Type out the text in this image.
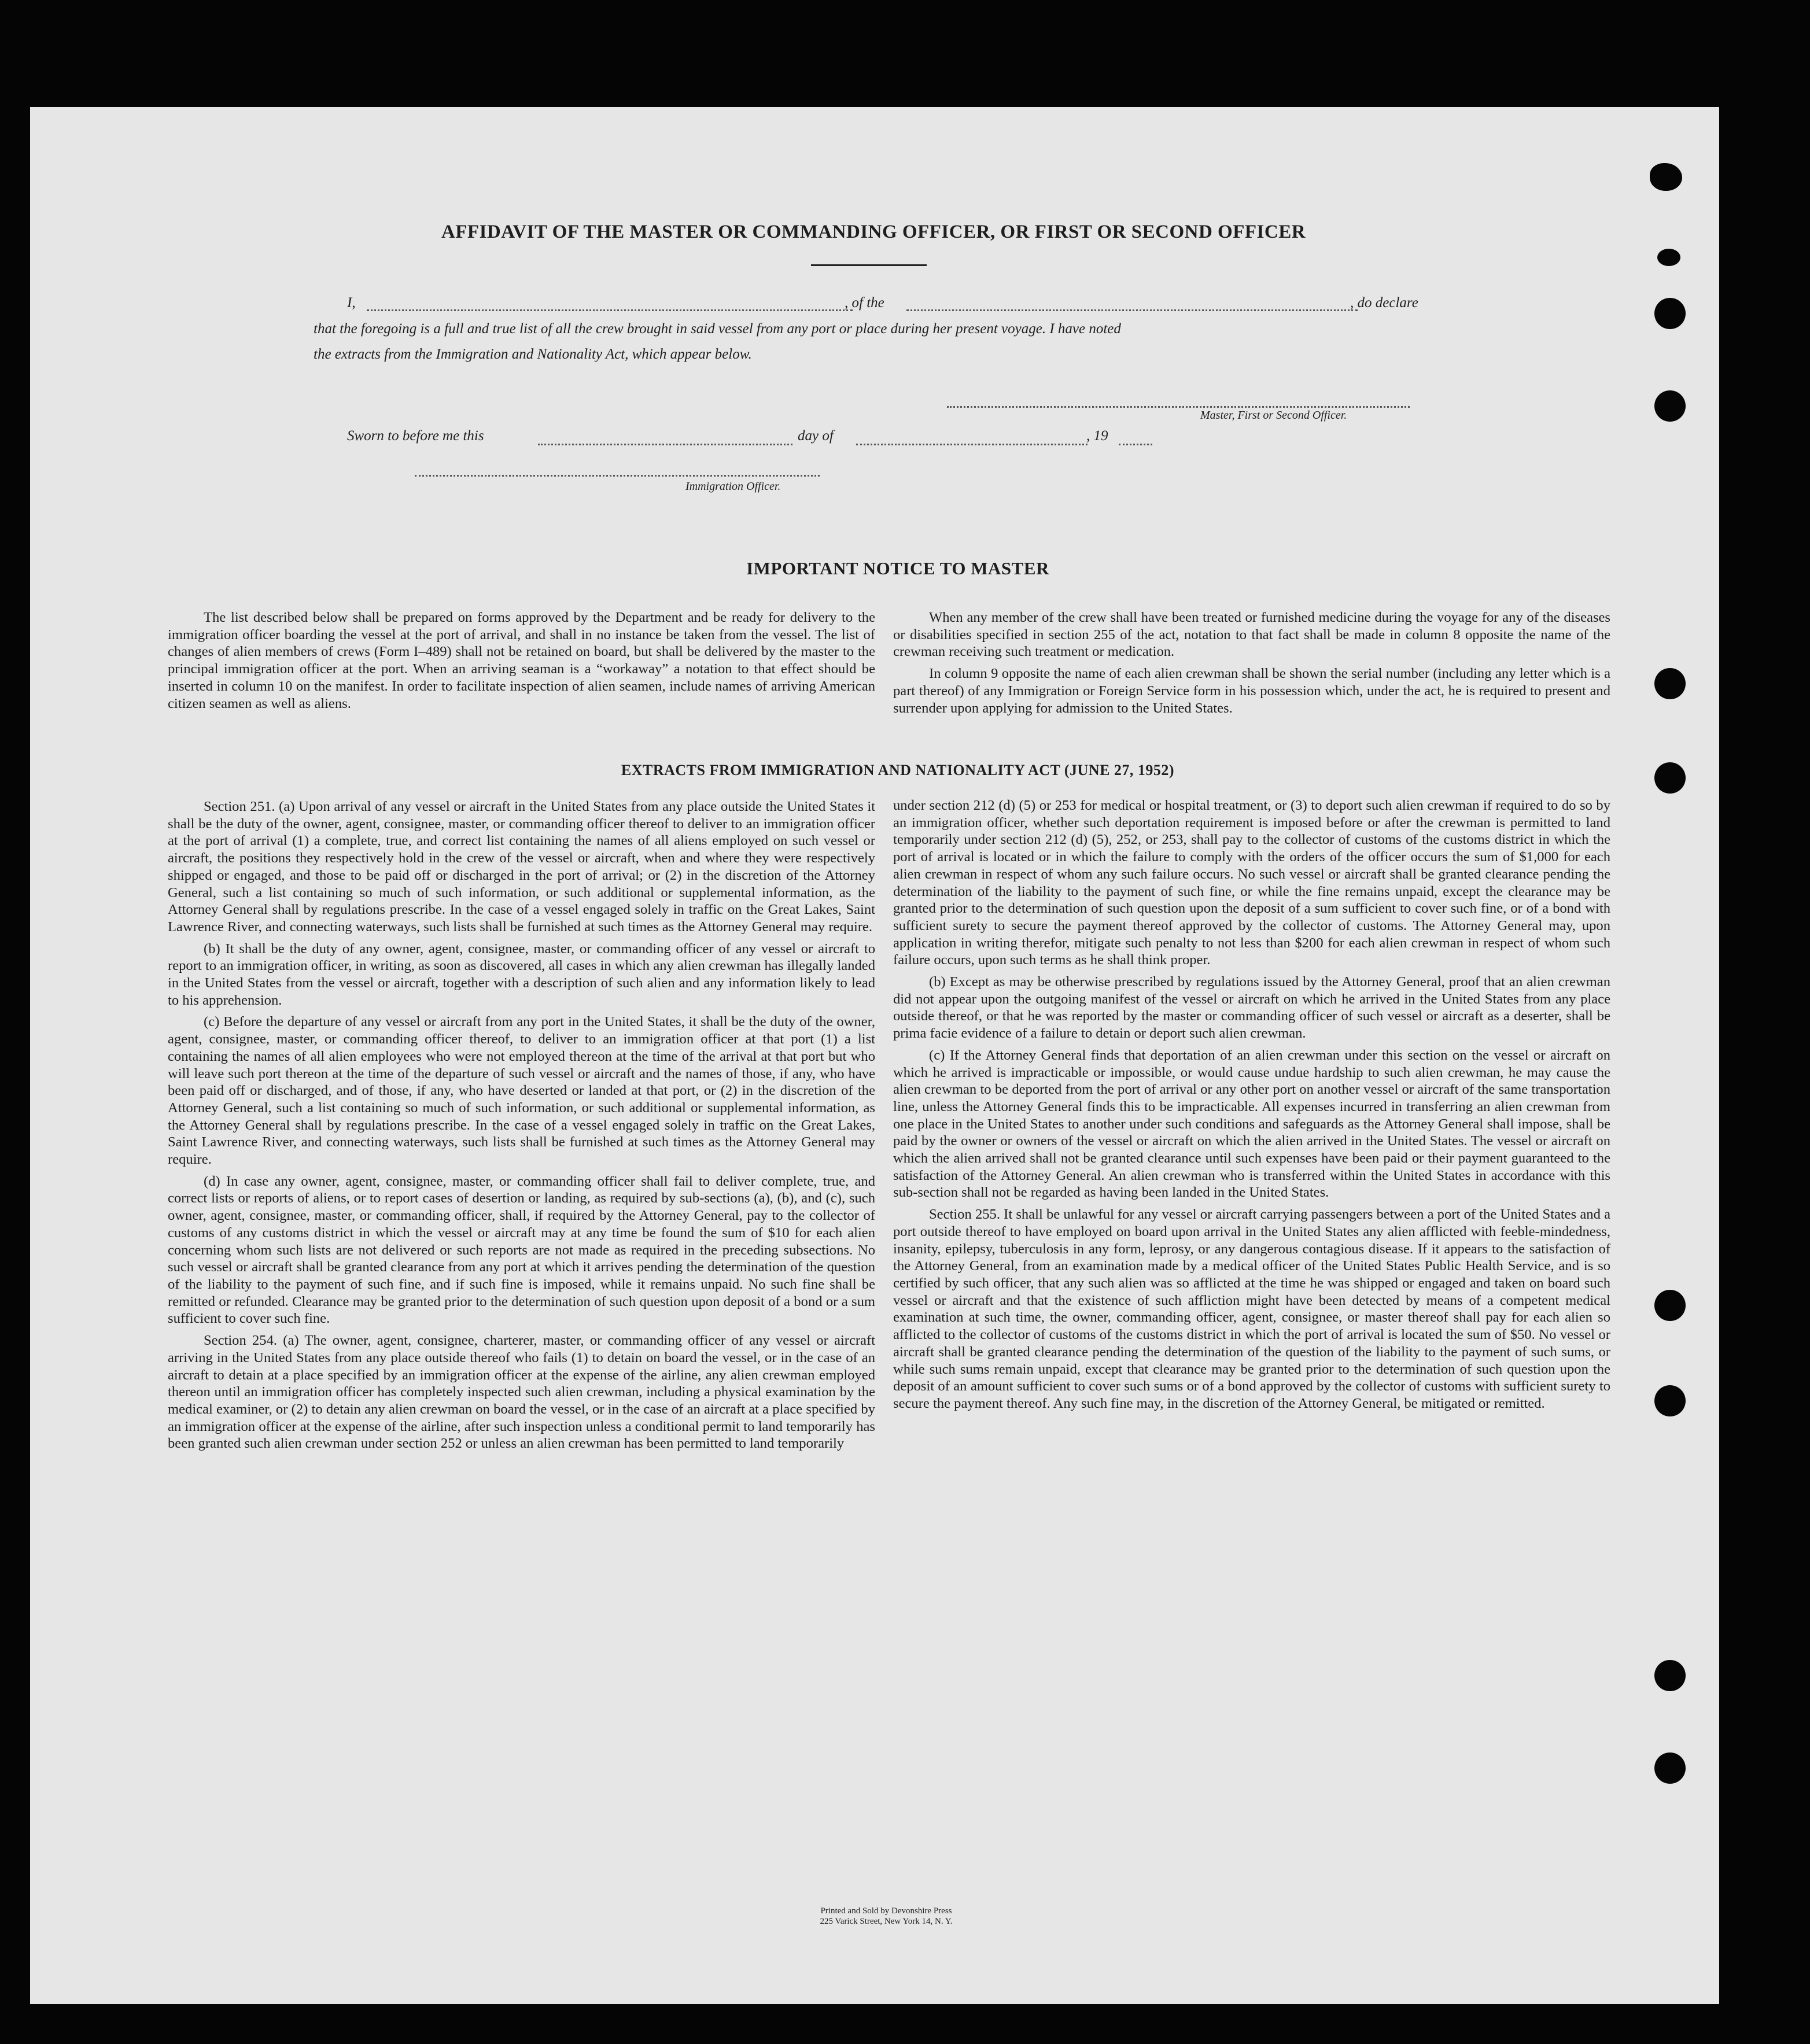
AFFIDAVIT OF THE MASTER OR COMMANDING OFFICER, OR FIRST OR SECOND OFFICER
I,	, of the	, do declare
that the foregoing is a full and true list of all the crew brought in said vessel from any port or place during her present voyage. I have noted
the extracts from the Immigration and Nationality Act, which appear below.
Master, First or Second Officer.
Sworn to before me this	day of	, 19
Immigration Officer.
IMPORTANT NOTICE TO MASTER

The list described below shall be prepared on forms approved by the Department and be ready for delivery to the immigration officer boarding the vessel at the port of arrival, and shall in no instance be taken from the vessel. The list of changes of alien members of crews (Form I–489) shall not be retained on board, but shall be delivered by the master to the principal immigration officer at the port. When an arriving seaman is a “workaway” a notation to that effect should be inserted in column 10 on the manifest. In order to facilitate inspection of alien seamen, include names of arriving American citizen seamen as well as aliens.

When any member of the crew shall have been treated or furnished medicine during the voyage for any of the diseases or disabilities specified in section 255 of the act, notation to that fact shall be made in column 8 opposite the name of the crewman receiving such treatment or medication.

In column 9 opposite the name of each alien crewman shall be shown the serial number (including any letter which is a part thereof) of any Immigration or Foreign Service form in his possession which, under the act, he is required to present and surrender upon applying for admission to the United States.

EXTRACTS FROM IMMIGRATION AND NATIONALITY ACT (JUNE 27, 1952)

Section 251. (a) Upon arrival of any vessel or aircraft in the United States from any place outside the United States it shall be the duty of the owner, agent, consignee, master, or commanding officer thereof to deliver to an immigration officer at the port of arrival (1) a complete, true, and correct list containing the names of all aliens employed on such vessel or aircraft, the positions they respectively hold in the crew of the vessel or aircraft, when and where they were respectively shipped or engaged, and those to be paid off or discharged in the port of arrival; or (2) in the discretion of the Attorney General, such a list containing so much of such information, or such additional or supplemental information, as the Attorney General shall by regulations prescribe. In the case of a vessel engaged solely in traffic on the Great Lakes, Saint Lawrence River, and connecting waterways, such lists shall be furnished at such times as the Attorney General may require.

(b) It shall be the duty of any owner, agent, consignee, master, or commanding officer of any vessel or aircraft to report to an immigration officer, in writing, as soon as discovered, all cases in which any alien crewman has illegally landed in the United States from the vessel or aircraft, together with a description of such alien and any information likely to lead to his apprehension.

(c) Before the departure of any vessel or aircraft from any port in the United States, it shall be the duty of the owner, agent, consignee, master, or commanding officer thereof, to deliver to an immigration officer at that port (1) a list containing the names of all alien employees who were not employed thereon at the time of the arrival at that port but who will leave such port thereon at the time of the departure of such vessel or aircraft and the names of those, if any, who have been paid off or discharged, and of those, if any, who have deserted or landed at that port, or (2) in the discretion of the Attorney General, such a list containing so much of such information, or such additional or supplemental information, as the Attorney General shall by regulations prescribe. In the case of a vessel engaged solely in traffic on the Great Lakes, Saint Lawrence River, and connecting waterways, such lists shall be furnished at such times as the Attorney General may require.

(d) In case any owner, agent, consignee, master, or commanding officer shall fail to deliver complete, true, and correct lists or reports of aliens, or to report cases of desertion or landing, as required by sub-sections (a), (b), and (c), such owner, agent, consignee, master, or commanding officer, shall, if required by the Attorney General, pay to the collector of customs of any customs district in which the vessel or aircraft may at any time be found the sum of $10 for each alien concerning whom such lists are not delivered or such reports are not made as required in the preceding subsections. No such vessel or aircraft shall be granted clearance from any port at which it arrives pending the determination of the question of the liability to the payment of such fine, and if such fine is imposed, while it remains unpaid. No such fine shall be remitted or refunded. Clearance may be granted prior to the determination of such question upon deposit of a bond or a sum sufficient to cover such fine.

Section 254. (a) The owner, agent, consignee, charterer, master, or commanding officer of any vessel or aircraft arriving in the United States from any place outside thereof who fails (1) to detain on board the vessel, or in the case of an aircraft to detain at a place specified by an immigration officer at the expense of the airline, any alien crewman employed thereon until an immigration officer has completely inspected such alien crewman, including a physical examination by the medical examiner, or (2) to detain any alien crewman on board the vessel, or in the case of an aircraft at a place specified by an immigration officer at the expense of the airline, after such inspection unless a conditional permit to land temporarily has been granted such alien crewman under section 252 or unless an alien crewman has been permitted to land temporarily

under section 212 (d) (5) or 253 for medical or hospital treatment, or (3) to deport such alien crewman if required to do so by an immigration officer, whether such deportation requirement is imposed before or after the crewman is permitted to land temporarily under section 212 (d) (5), 252, or 253, shall pay to the collector of customs of the customs district in which the port of arrival is located or in which the failure to comply with the orders of the officer occurs the sum of $1,000 for each alien crewman in respect of whom any such failure occurs. No such vessel or aircraft shall be granted clearance pending the determination of the liability to the payment of such fine, or while the fine remains unpaid, except the clearance may be granted prior to the determination of such question upon the deposit of a sum sufficient to cover such fine, or of a bond with sufficient surety to secure the payment thereof approved by the collector of customs. The Attorney General may, upon application in writing therefor, mitigate such penalty to not less than $200 for each alien crewman in respect of whom such failure occurs, upon such terms as he shall think proper.

(b) Except as may be otherwise prescribed by regulations issued by the Attorney General, proof that an alien crewman did not appear upon the outgoing manifest of the vessel or aircraft on which he arrived in the United States from any place outside thereof, or that he was reported by the master or commanding officer of such vessel or aircraft as a deserter, shall be prima facie evidence of a failure to detain or deport such alien crewman.

(c) If the Attorney General finds that deportation of an alien crewman under this section on the vessel or aircraft on which he arrived is impracticable or impossible, or would cause undue hardship to such alien crewman, he may cause the alien crewman to be deported from the port of arrival or any other port on another vessel or aircraft of the same transportation line, unless the Attorney General finds this to be impracticable. All expenses incurred in transferring an alien crewman from one place in the United States to another under such conditions and safeguards as the Attorney General shall impose, shall be paid by the owner or owners of the vessel or aircraft on which the alien arrived in the United States. The vessel or aircraft on which the alien arrived shall not be granted clearance until such expenses have been paid or their payment guaranteed to the satisfaction of the Attorney General. An alien crewman who is transferred within the United States in accordance with this sub-section shall not be regarded as having been landed in the United States.

Section 255. It shall be unlawful for any vessel or aircraft carrying passengers between a port of the United States and a port outside thereof to have employed on board upon arrival in the United States any alien afflicted with feeble-mindedness, insanity, epilepsy, tuberculosis in any form, leprosy, or any dangerous contagious disease. If it appears to the satisfaction of the Attorney General, from an examination made by a medical officer of the United States Public Health Service, and is so certified by such officer, that any such alien was so afflicted at the time he was shipped or engaged and taken on board such vessel or aircraft and that the existence of such affliction might have been detected by means of a competent medical examination at such time, the owner, commanding officer, agent, consignee, or master thereof shall pay for each alien so afflicted to the collector of customs of the customs district in which the port of arrival is located the sum of $50. No vessel or aircraft shall be granted clearance pending the determination of the question of the liability to the payment of such sums, or while such sums remain unpaid, except that clearance may be granted prior to the determination of such question upon the deposit of an amount sufficient to cover such sums or of a bond approved by the collector of customs with sufficient surety to secure the payment thereof. Any such fine may, in the discretion of the Attorney General, be mitigated or remitted.

Printed and Sold by Devonshire Press
225 Varick Street, New York 14, N. Y.
